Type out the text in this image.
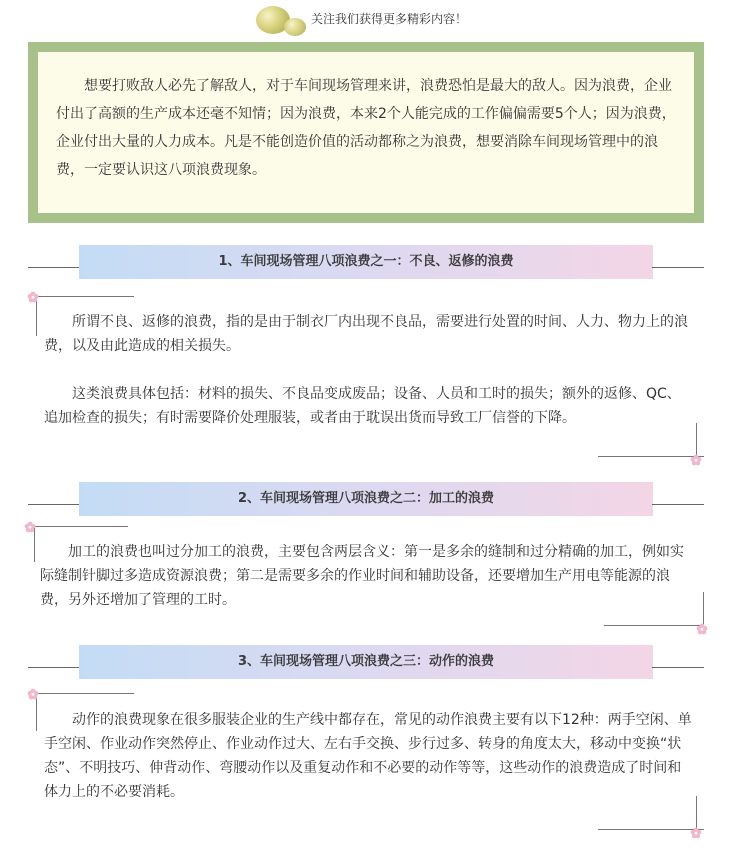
关注我们获得更多精彩内容！
想要打败敌人必先了解敌人，对于车间现场管理来讲，浪费恐怕是最大的敌人。因为浪费，企业付出了高额的生产成本还毫不知情；因为浪费，本来2个人能完成的工作偏偏需要5个人；因为浪费，企业付出大量的人力成本。凡是不能创造价值的活动都称之为浪费，想要消除车间现场管理中的浪费，一定要认识这八项浪费现象。
1、车间现场管理八项浪费之一：不良、返修的浪费

所谓不良、返修的浪费，指的是由于制衣厂内出现不良品，需要进行处置的时间、人力、物力上的浪费，以及由此造成的相关损失。

这类浪费具体包括：材料的损失、不良品变成废品；设备、人员和工时的损失；额外的返修、QC、追加检查的损失；有时需要降价处理服装，或者由于耽误出货而导致工厂信誉的下降。

2、车间现场管理八项浪费之二：加工的浪费

加工的浪费也叫过分加工的浪费，主要包含两层含义：第一是多余的缝制和过分精确的加工，例如实际缝制针脚过多造成资源浪费；第二是需要多余的作业时间和辅助设备，还要增加生产用电等能源的浪费，另外还增加了管理的工时。

3、车间现场管理八项浪费之三：动作的浪费

动作的浪费现象在很多服装企业的生产线中都存在，常见的动作浪费主要有以下12种：两手空闲、单手空闲、作业动作突然停止、作业动作过大、左右手交换、步行过多、转身的角度太大，移动中变换“状态”、不明技巧、伸背动作、弯腰动作以及重复动作和不必要的动作等等，这些动作的浪费造成了时间和体力上的不必要消耗。
